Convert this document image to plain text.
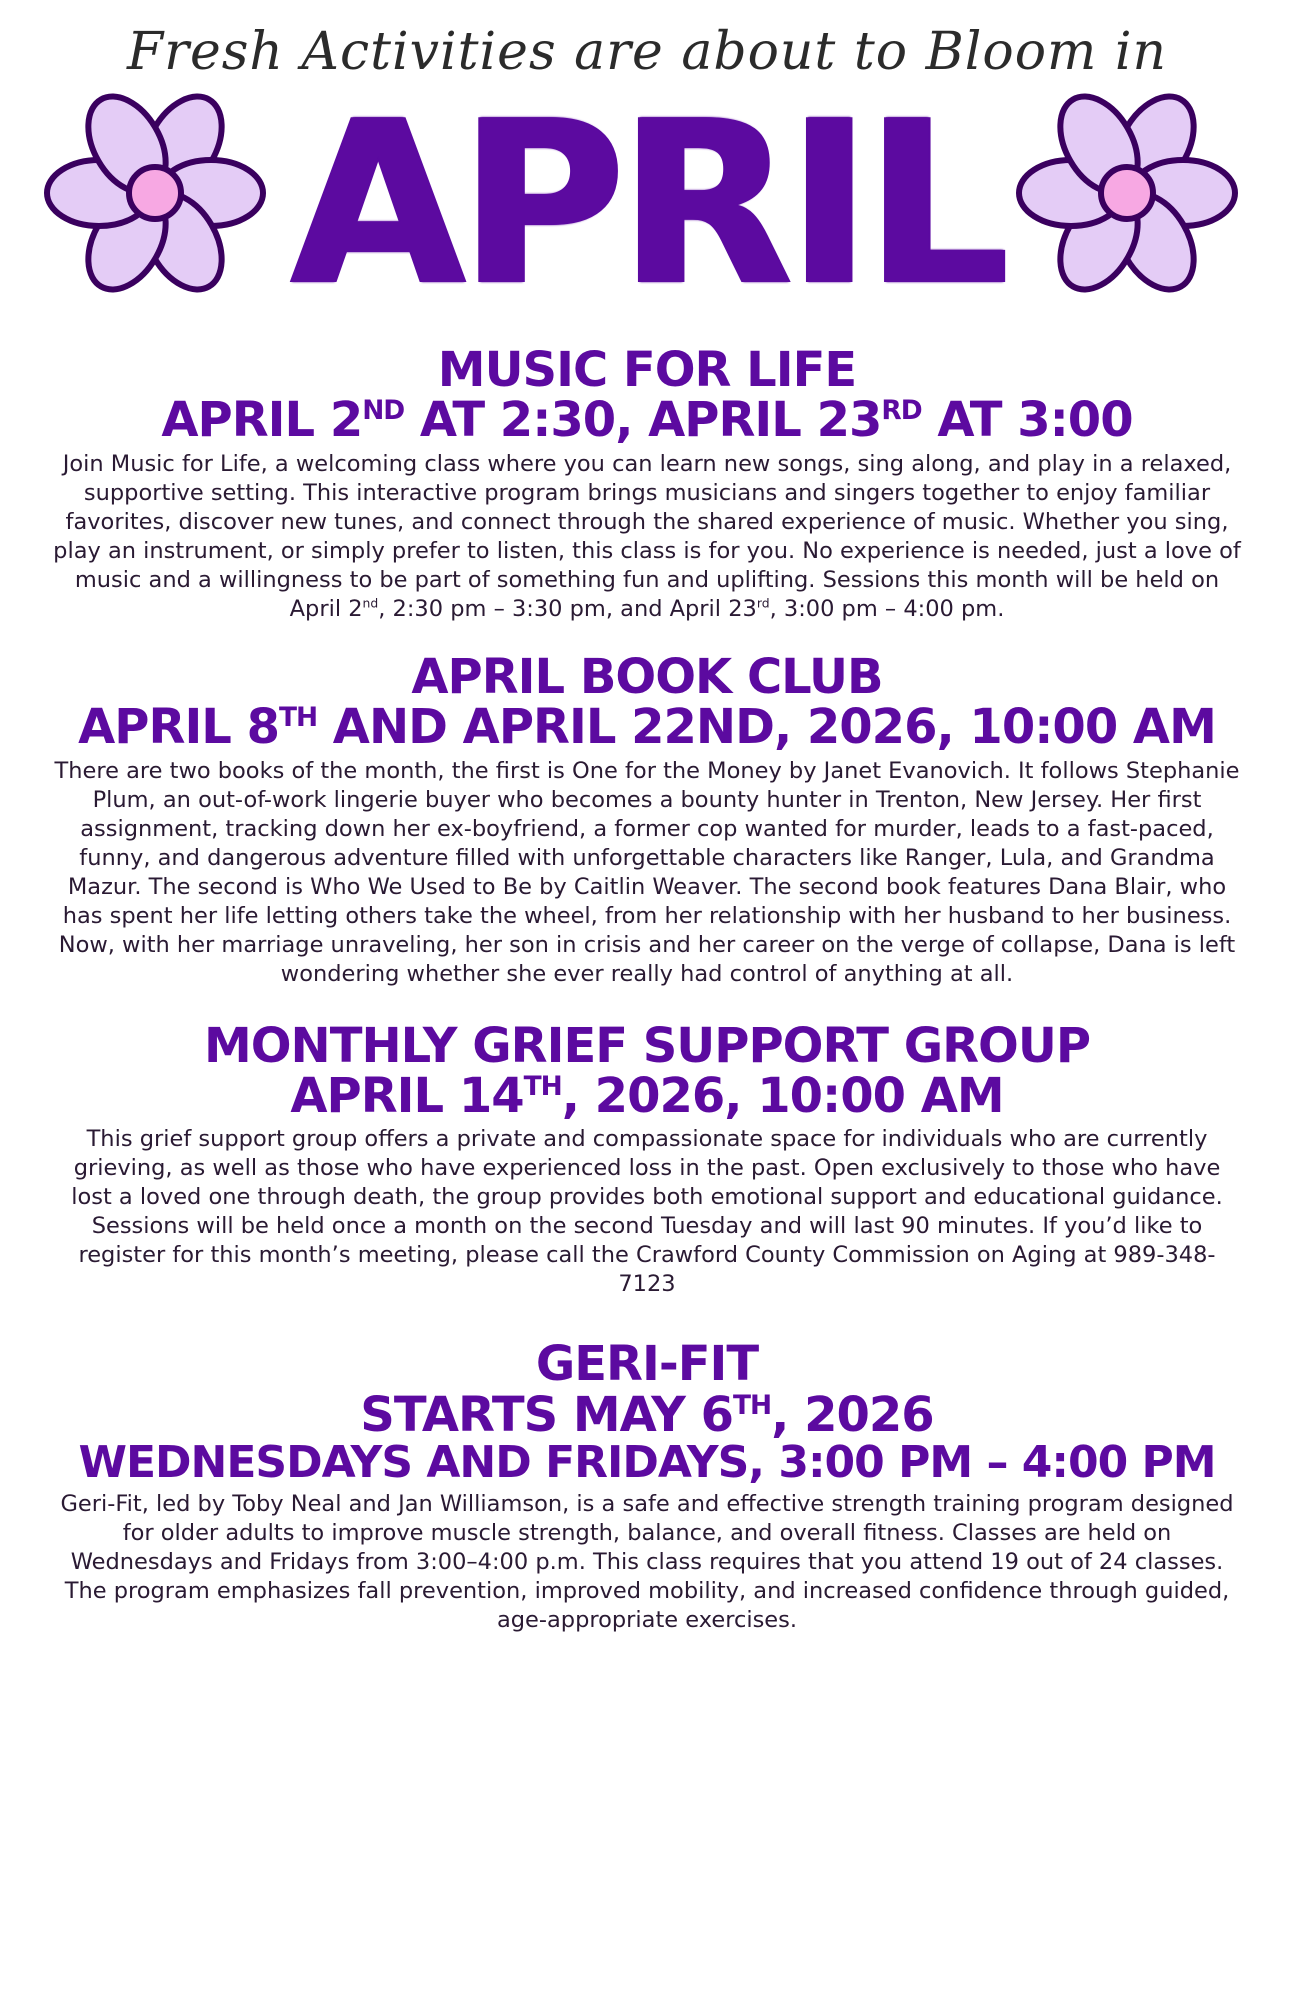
Fresh Activities are about to Bloom in
APRIL
MUSIC FOR LIFE
APRIL 2ND AT 2:30, APRIL 23RD AT 3:00

Join Music for Life, a welcoming class where you can learn new songs, sing along, and play in a relaxed, supportive setting. This interactive program brings musicians and singers together to enjoy familiar favorites, discover new tunes, and connect through the shared experience of music. Whether you sing, play an instrument, or simply prefer to listen, this class is for you. No experience is needed, just a love of music and a willingness to be part of something fun and uplifting. Sessions this month will be held on April 2nd, 2:30 pm – 3:30 pm, and April 23rd, 3:00 pm – 4:00 pm.

APRIL BOOK CLUB
APRIL 8TH AND APRIL 22ND, 2026, 10:00 AM

There are two books of the month, the first is One for the Money by Janet Evanovich. It follows Stephanie Plum, an out-of-work lingerie buyer who becomes a bounty hunter in Trenton, New Jersey. Her first assignment, tracking down her ex-boyfriend, a former cop wanted for murder, leads to a fast-paced, funny, and dangerous adventure filled with unforgettable characters like Ranger, Lula, and Grandma Mazur. The second is Who We Used to Be by Caitlin Weaver. The second book features Dana Blair, who has spent her life letting others take the wheel, from her relationship with her husband to her business. Now, with her marriage unraveling, her son in crisis and her career on the verge of collapse, Dana is left wondering whether she ever really had control of anything at all.

MONTHLY GRIEF SUPPORT GROUP
APRIL 14TH, 2026, 10:00 AM

This grief support group offers a private and compassionate space for individuals who are currently grieving, as well as those who have experienced loss in the past. Open exclusively to those who have lost a loved one through death, the group provides both emotional support and educational guidance. Sessions will be held once a month on the second Tuesday and will last 90 minutes. If you’d like to register for this month’s meeting, please call the Crawford County Commission on Aging at 989-348-7123

GERI-FIT
STARTS MAY 6TH, 2026
WEDNESDAYS AND FRIDAYS, 3:00 PM – 4:00 PM

Geri-Fit, led by Toby Neal and Jan Williamson, is a safe and effective strength training program designed for older adults to improve muscle strength, balance, and overall fitness. Classes are held on Wednesdays and Fridays from 3:00–4:00 p.m. This class requires that you attend 19 out of 24 classes. The program emphasizes fall prevention, improved mobility, and increased confidence through guided, age-appropriate exercises.
